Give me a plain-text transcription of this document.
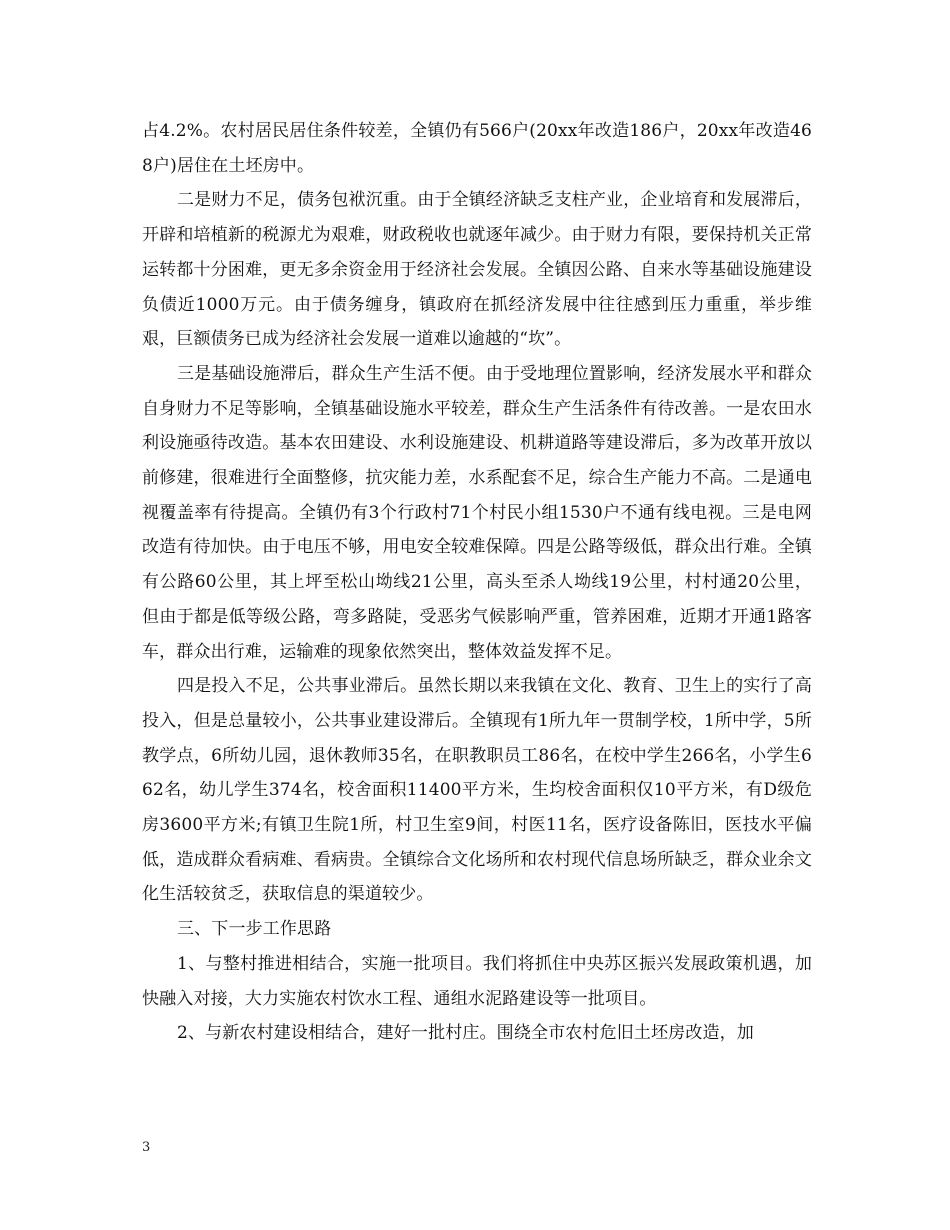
占4.2%。农村居民居住条件较差，全镇仍有566户(20xx年改造186户，20xx年改造468户)居住在土坯房中。

二是财力不足，债务包袱沉重。由于全镇经济缺乏支柱产业，企业培育和发展滞后，开辟和培植新的税源尤为艰难，财政税收也就逐年减少。由于财力有限，要保持机关正常运转都十分困难，更无多余资金用于经济社会发展。全镇因公路、自来水等基础设施建设负债近1000万元。由于债务缠身，镇政府在抓经济发展中往往感到压力重重，举步维艰，巨额债务已成为经济社会发展一道难以逾越的“坎”。

三是基础设施滞后，群众生产生活不便。由于受地理位置影响，经济发展水平和群众自身财力不足等影响，全镇基础设施水平较差，群众生产生活条件有待改善。一是农田水利设施亟待改造。基本农田建设、水利设施建设、机耕道路等建设滞后，多为改革开放以前修建，很难进行全面整修，抗灾能力差，水系配套不足，综合生产能力不高。二是通电视覆盖率有待提高。全镇仍有3个行政村71个村民小组1530户不通有线电视。三是电网改造有待加快。由于电压不够，用电安全较难保障。四是公路等级低，群众出行难。全镇有公路60公里，其上坪至松山坳线21公里，高头至杀人坳线19公里，村村通20公里，但由于都是低等级公路，弯多路陡，受恶劣气候影响严重，管养困难，近期才开通1路客车，群众出行难，运输难的现象依然突出，整体效益发挥不足。

四是投入不足，公共事业滞后。虽然长期以来我镇在文化、教育、卫生上的实行了高投入，但是总量较小，公共事业建设滞后。全镇现有1所九年一贯制学校，1所中学，5所教学点，6所幼儿园，退休教师35名，在职教职员工86名，在校中学生266名，小学生662名，幼儿学生374名，校舍面积11400平方米，生均校舍面积仅10平方米，有D级危房3600平方米;有镇卫生院1所，村卫生室9间，村医11名，医疗设备陈旧，医技水平偏低，造成群众看病难、看病贵。全镇综合文化场所和农村现代信息场所缺乏，群众业余文化生活较贫乏，获取信息的渠道较少。

三、下一步工作思路

1、与整村推进相结合，实施一批项目。我们将抓住中央苏区振兴发展政策机遇，加快融入对接，大力实施农村饮水工程、通组水泥路建设等一批项目。

2、与新农村建设相结合，建好一批村庄。围绕全市农村危旧土坯房改造，加

3
